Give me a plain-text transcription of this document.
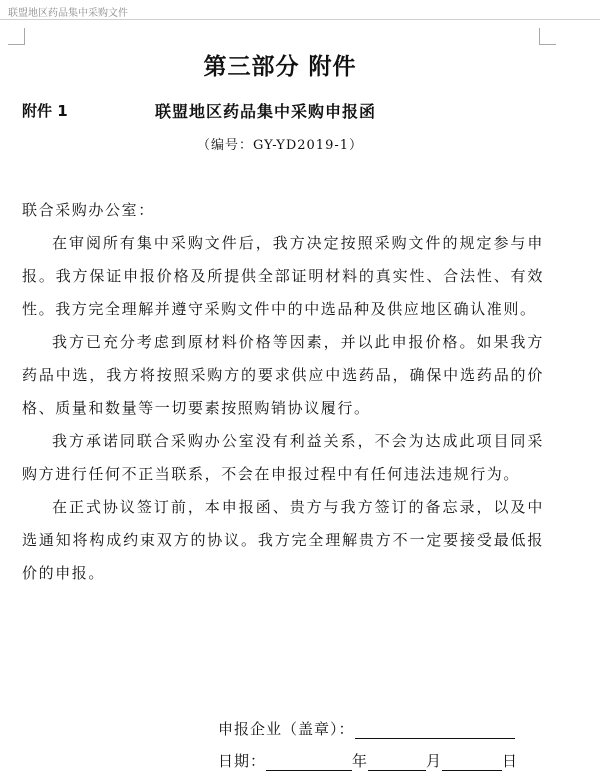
联盟地区药品集中采购文件
第三部分 附件
附件 1	联盟地区药品集中采购申报函
（编号：GY-YD2019-1）

联合采购办公室：

在审阅所有集中采购文件后，我方决定按照采购文件的规定参与申报。我方保证申报价格及所提供全部证明材料的真实性、合法性、有效性。我方完全理解并遵守采购文件中的中选品种及供应地区确认准则。

我方已充分考虑到原材料价格等因素，并以此申报价格。如果我方药品中选，我方将按照采购方的要求供应中选药品，确保中选药品的价格、质量和数量等一切要素按照购销协议履行。

我方承诺同联合采购办公室没有利益关系，不会为达成此项目同采购方进行任何不正当联系，不会在申报过程中有任何违法违规行为。

在正式协议签订前，本申报函、贵方与我方签订的备忘录，以及中选通知将构成约束双方的协议。我方完全理解贵方不一定要接受最低报价的申报。

申报企业（盖章）：
日期：	年	月	日
